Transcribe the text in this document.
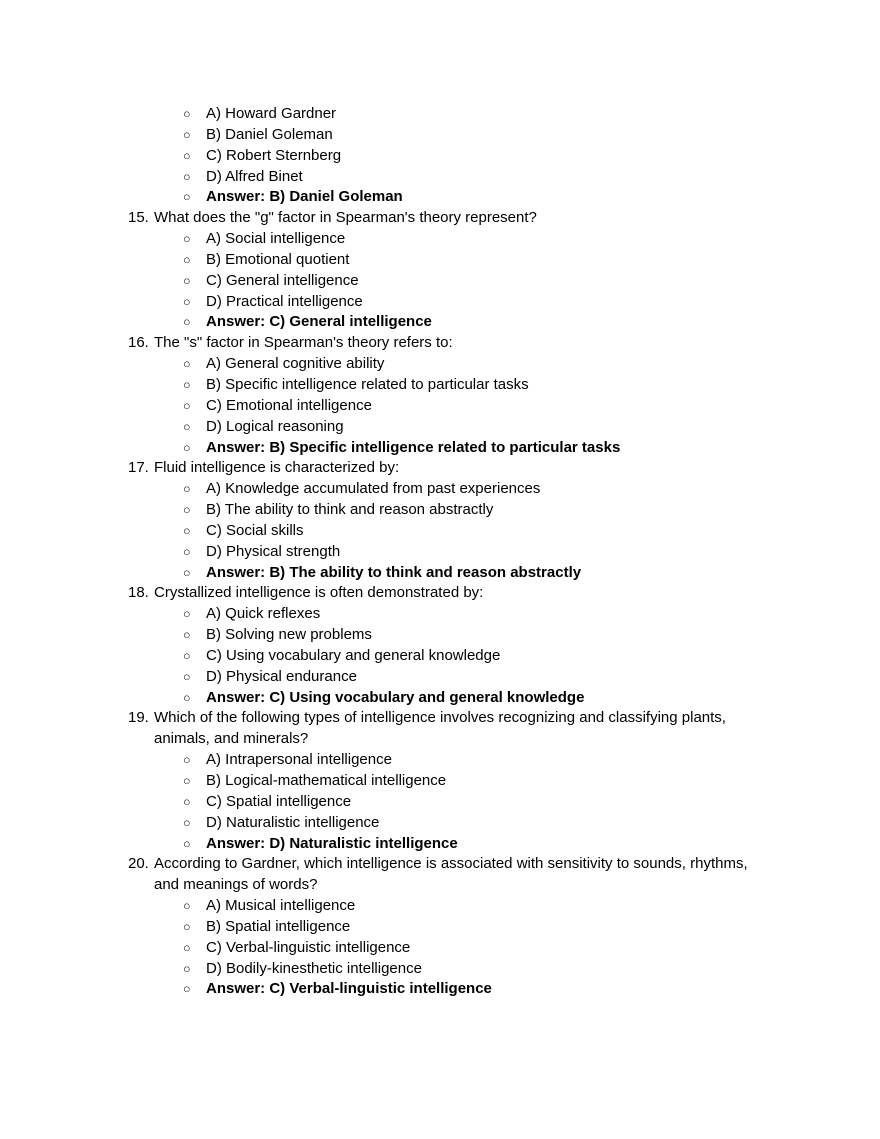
○	A) Howard Gardner
○	B) Daniel Goleman
○	C) Robert Sternberg
○	D) Alfred Binet
○	Answer: B) Daniel Goleman
15. What does the "g" factor in Spearman's theory represent?
○	A) Social intelligence
○	B) Emotional quotient
○	C) General intelligence
○	D) Practical intelligence
○	Answer: C) General intelligence
16. The "s" factor in Spearman's theory refers to:
○	A) General cognitive ability
○	B) Specific intelligence related to particular tasks
○	C) Emotional intelligence
○	D) Logical reasoning
○	Answer: B) Specific intelligence related to particular tasks
17. Fluid intelligence is characterized by:
○	A) Knowledge accumulated from past experiences
○	B) The ability to think and reason abstractly
○	C) Social skills
○	D) Physical strength
○	Answer: B) The ability to think and reason abstractly
18. Crystallized intelligence is often demonstrated by:
○	A) Quick reflexes
○	B) Solving new problems
○	C) Using vocabulary and general knowledge
○	D) Physical endurance
○	Answer: C) Using vocabulary and general knowledge
19. Which of the following types of intelligence involves recognizing and classifying plants, animals, and minerals?
○	A) Intrapersonal intelligence
○	B) Logical-mathematical intelligence
○	C) Spatial intelligence
○	D) Naturalistic intelligence
○	Answer: D) Naturalistic intelligence
20. According to Gardner, which intelligence is associated with sensitivity to sounds, rhythms, and meanings of words?
○	A) Musical intelligence
○	B) Spatial intelligence
○	C) Verbal-linguistic intelligence
○	D) Bodily-kinesthetic intelligence
○	Answer: C) Verbal-linguistic intelligence
